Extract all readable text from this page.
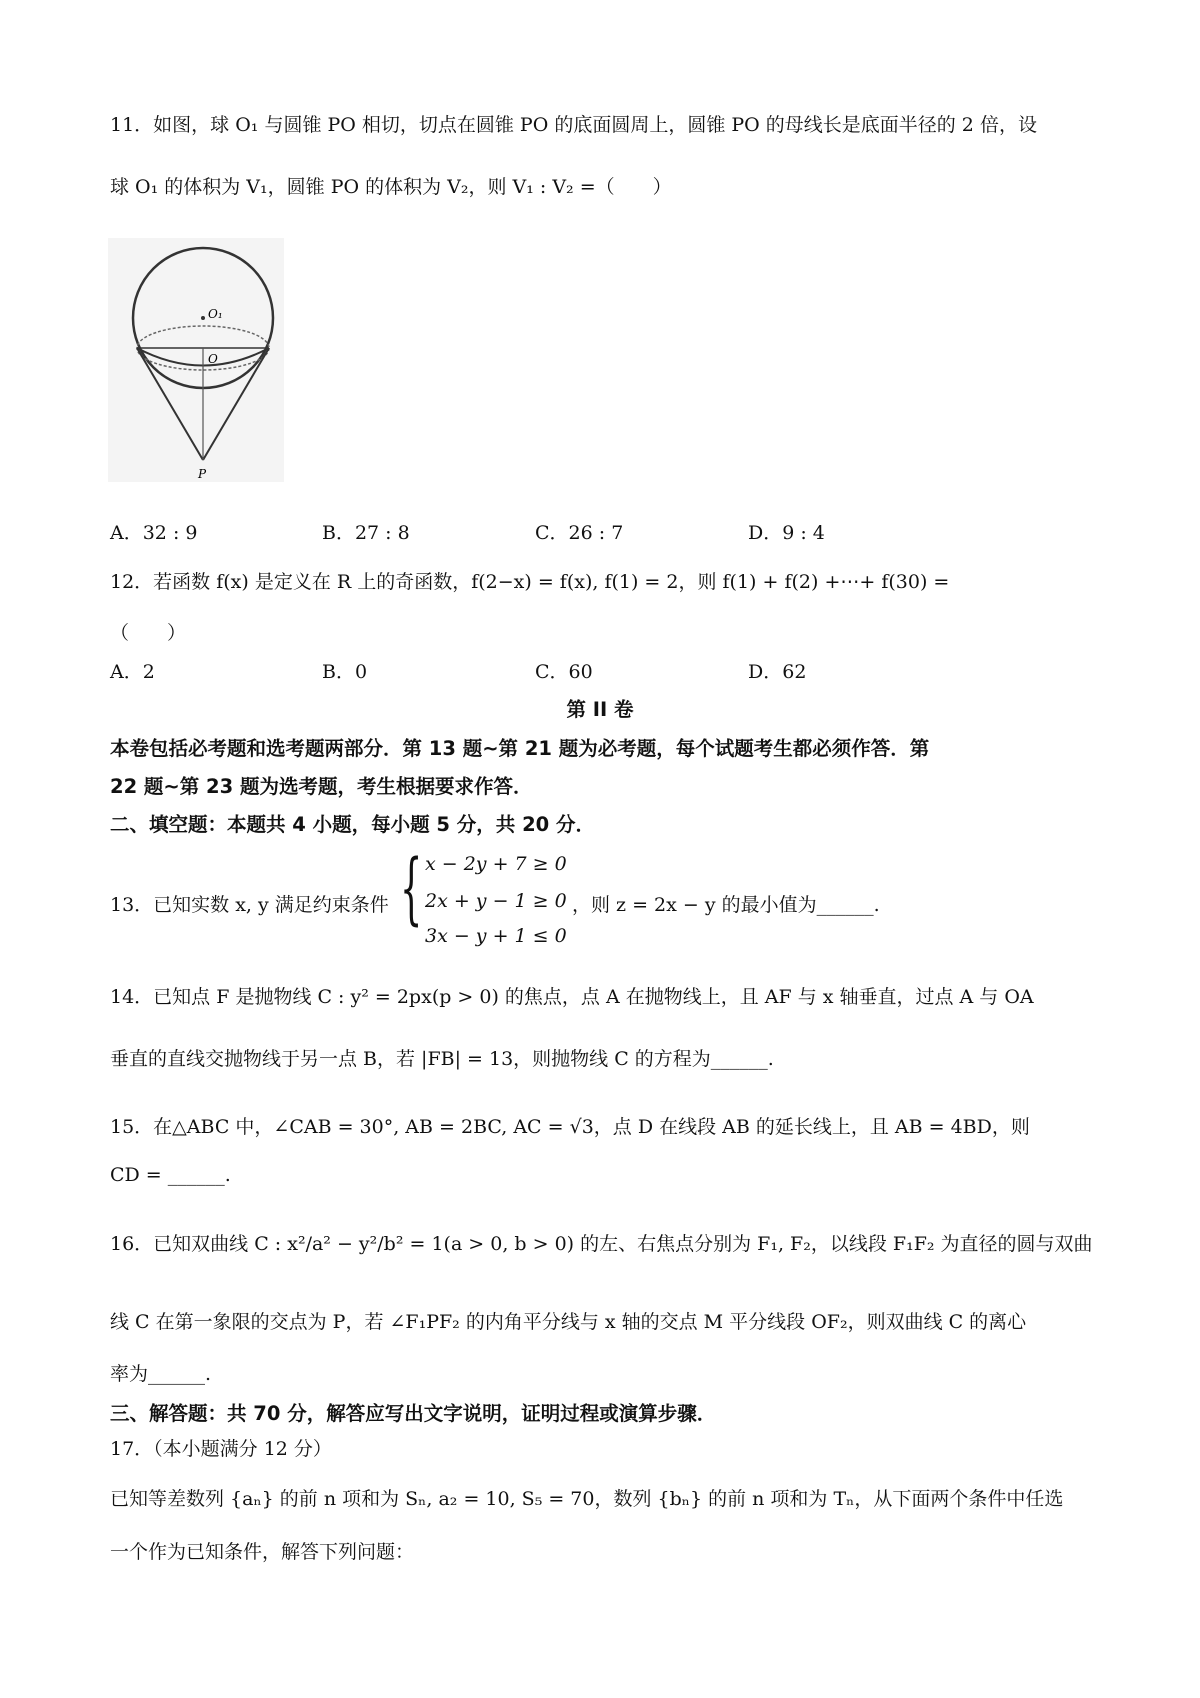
11．如图，球 O₁ 与圆锥 PO 相切，切点在圆锥 PO 的底面圆周上，圆锥 PO 的母线长是底面半径的 2 倍，设
球 O₁ 的体积为 V₁，圆锥 PO 的体积为 V₂，则 V₁ : V₂ =（　　）
O₁
O
P
A．32 : 9	B．27 : 8	C．26 : 7	D．9 : 4
12．若函数 f(x) 是定义在 R 上的奇函数，f(2−x) = f(x), f(1) = 2，则 f(1) + f(2) +⋯+ f(30) =
（　　）
A．2	B．0	C．60	D．62
第 II 卷
本卷包括必考题和选考题两部分．第 13 题~第 21 题为必考题，每个试题考生都必须作答．第
22 题~第 23 题为选考题，考生根据要求作答．
二、填空题：本题共 4 小题，每小题 5 分，共 20 分．
13．已知实数 x, y 满足约束条件 { x − 2y + 7 ≥ 0
2x + y − 1 ≥ 0
3x − y + 1 ≤ 0
，则 z = 2x − y 的最小值为______.
14．已知点 F 是抛物线 C : y² = 2px(p > 0) 的焦点，点 A 在抛物线上，且 AF 与 x 轴垂直，过点 A 与 OA
垂直的直线交抛物线于另一点 B，若 |FB| = 13，则抛物线 C 的方程为______.
15．在△ABC 中，∠CAB = 30°, AB = 2BC, AC = √3，点 D 在线段 AB 的延长线上，且 AB = 4BD，则
CD = ______.
16．已知双曲线 C : x²/a² − y²/b² = 1(a > 0, b > 0) 的左、右焦点分别为 F₁, F₂，以线段 F₁F₂ 为直径的圆与双曲
线 C 在第一象限的交点为 P，若 ∠F₁PF₂ 的内角平分线与 x 轴的交点 M 平分线段 OF₂，则双曲线 C 的离心
率为______.
三、解答题：共 70 分，解答应写出文字说明，证明过程或演算步骤．
17．（本小题满分 12 分）
已知等差数列 {aₙ} 的前 n 项和为 Sₙ, a₂ = 10, S₅ = 70，数列 {bₙ} 的前 n 项和为 Tₙ，从下面两个条件中任选
一个作为已知条件，解答下列问题：
